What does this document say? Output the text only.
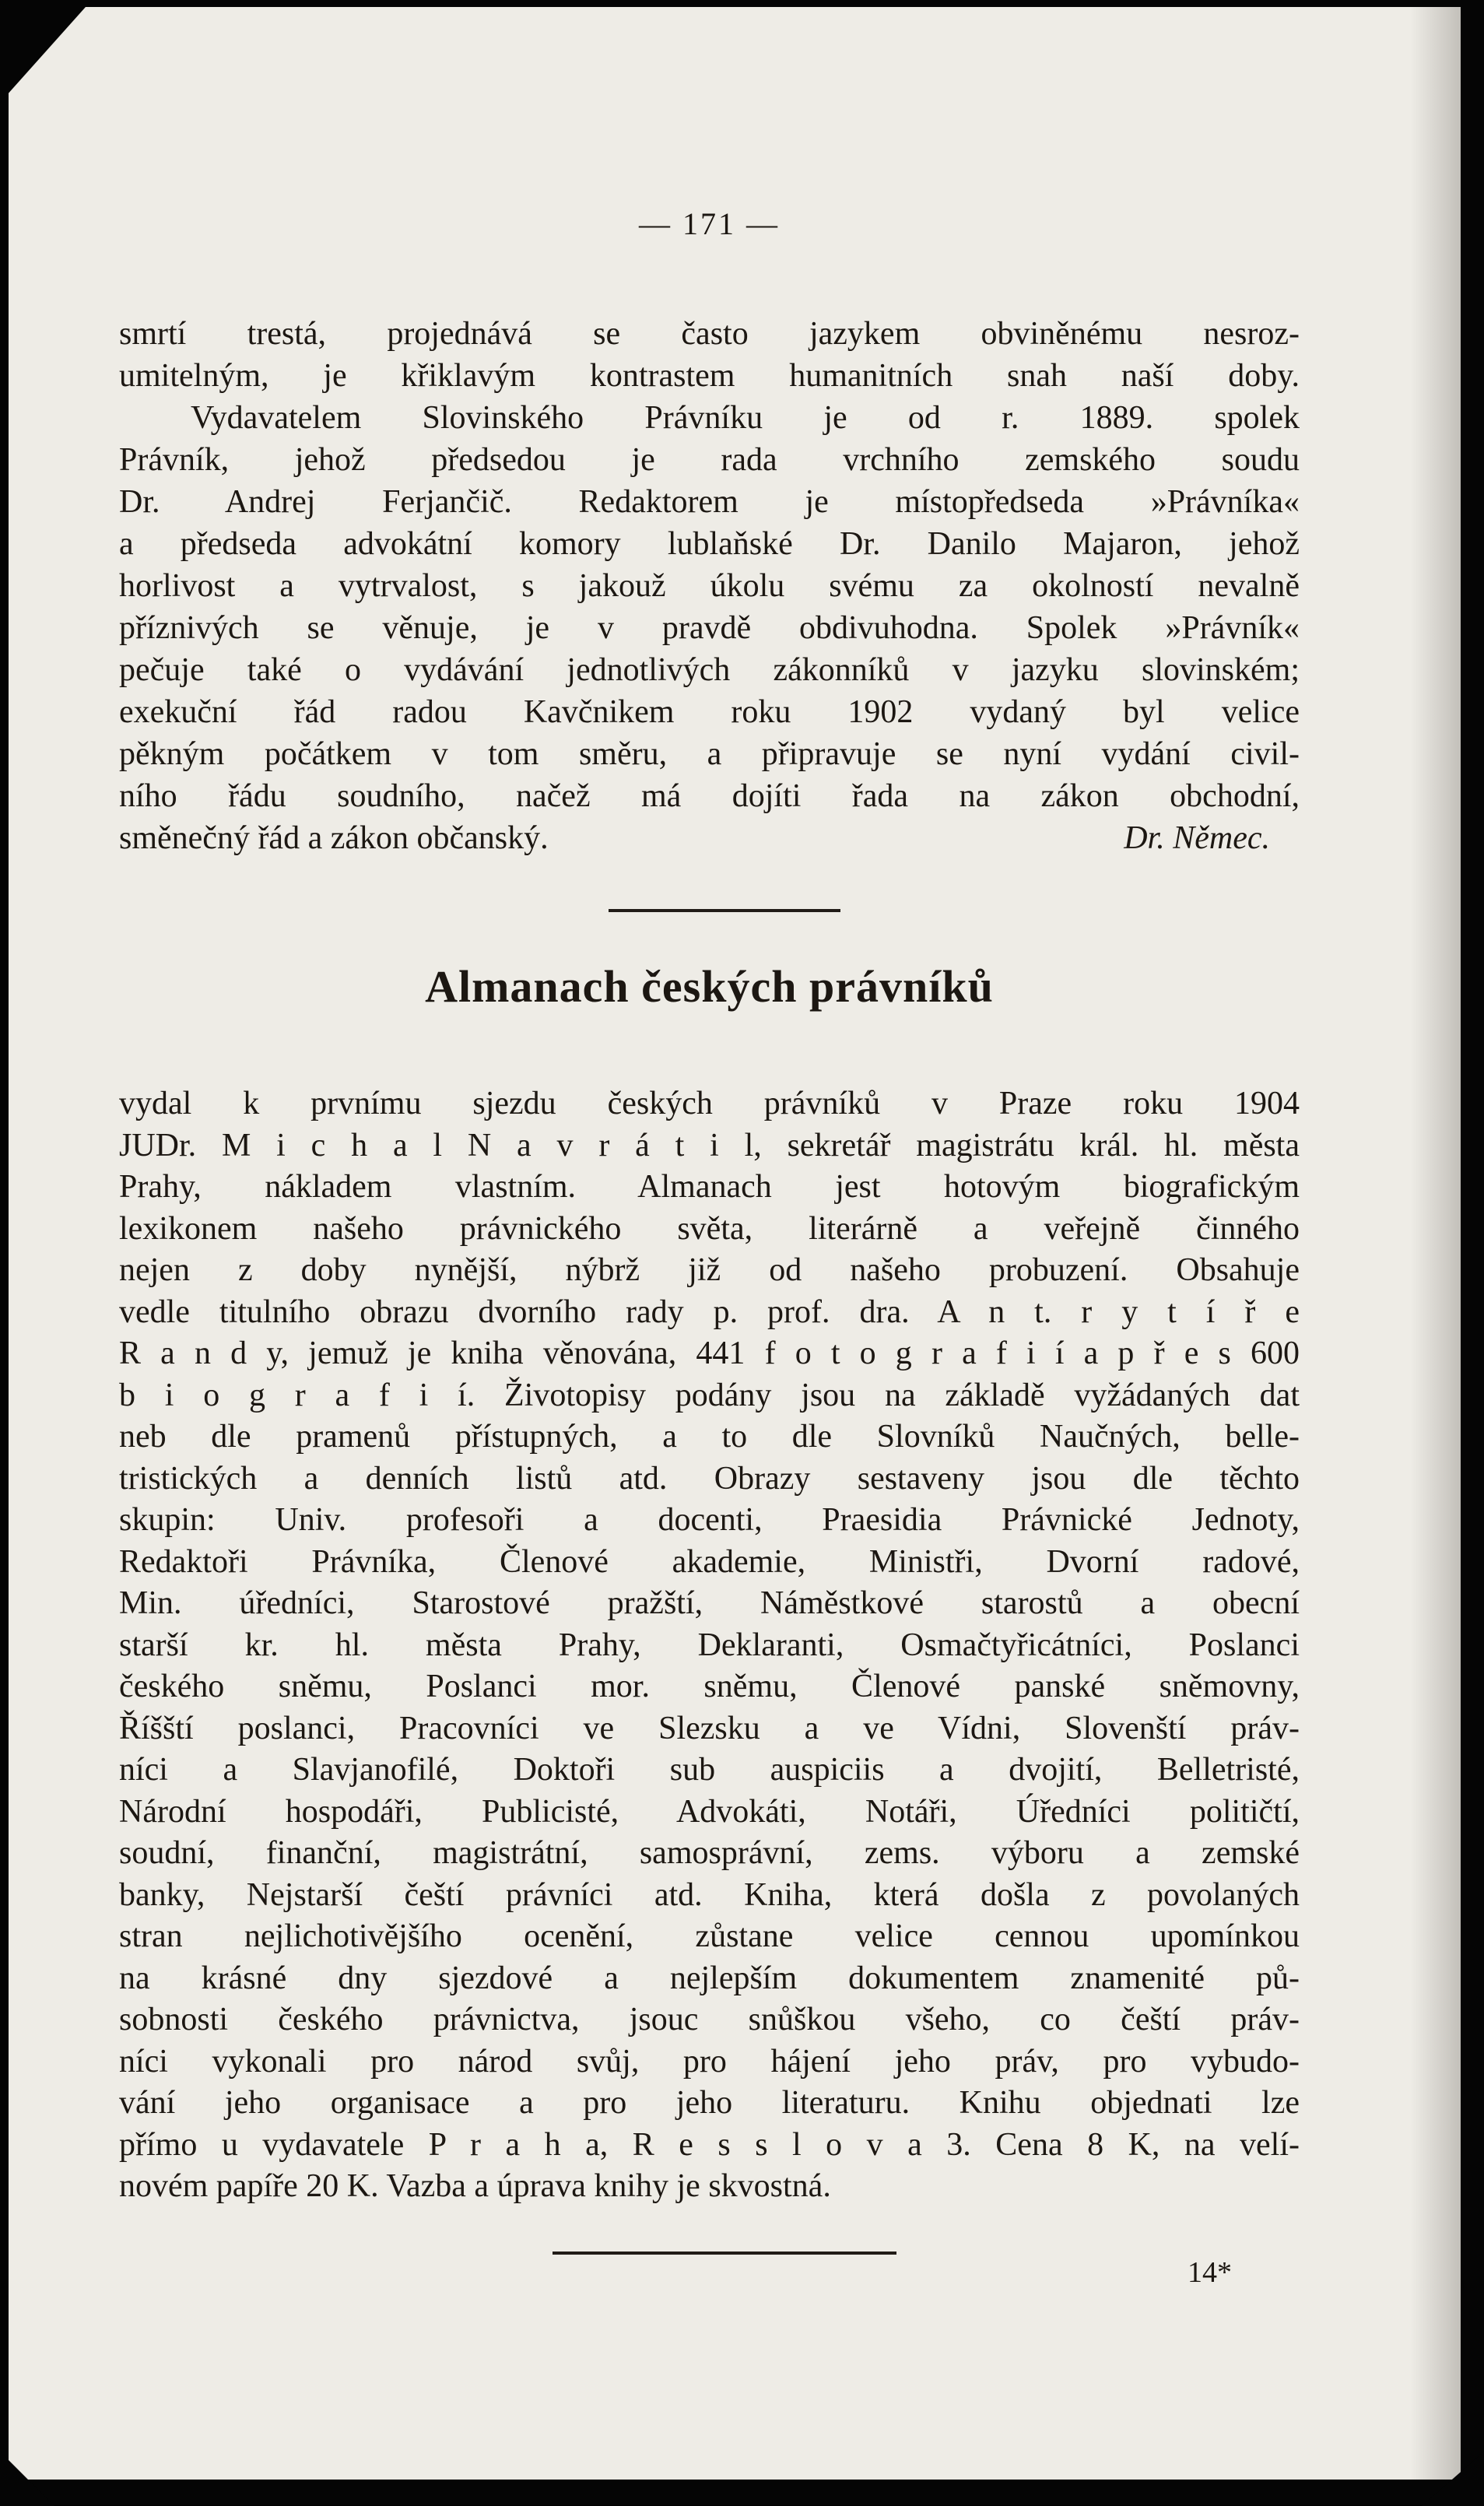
— 171 —
smrtí trestá, projednává se často jazykem obviněnému nesroz-
umitelným, je křiklavým kontrastem humanitních snah naší doby.
Vydavatelem Slovinského Právníku je od r. 1889. spolek
Právník, jehož předsedou je rada vrchního zemského soudu
Dr. Andrej Ferjančič. Redaktorem je místopředseda »Právníka«
a předseda advokátní komory lublaňské Dr. Danilo Majaron, jehož
horlivost a vytrvalost, s jakouž úkolu svému za okolností nevalně
příznivých se věnuje, je v pravdě obdivuhodna. Spolek »Právník«
pečuje také o vydávání jednotlivých zákonníků v jazyku slovinském;
exekuční řád radou Kavčnikem roku 1902 vydaný byl velice
pěkným počátkem v tom směru, a připravuje se nyní vydání civil-
ního řádu soudního, načež má dojíti řada na zákon obchodní,
směnečný řád a zákon občanský.	Dr. Němec.
Almanach českých právníků
vydal k prvnímu sjezdu českých právníků v Praze roku 1904
JUDr. M i c h a l N a v r á t i l, sekretář magistrátu král. hl. města
Prahy, nákladem vlastním. Almanach jest hotovým biografickým
lexikonem našeho právnického světa, literárně a veřejně činného
nejen z doby nynější, nýbrž již od našeho probuzení. Obsahuje
vedle titulního obrazu dvorního rady p. prof. dra. A n t. r y t í ř e
R a n d y, jemuž je kniha věnována, 441 f o t o g r a f i í a p ř e s 600
b i o g r a f i í. Životopisy podány jsou na základě vyžádaných dat
neb dle pramenů přístupných, a to dle Slovníků Naučných, belle-
tristických a denních listů atd. Obrazy sestaveny jsou dle těchto
skupin: Univ. profesoři a docenti, Praesidia Právnické Jednoty,
Redaktoři Právníka, Členové akademie, Ministři, Dvorní radové,
Min. úředníci, Starostové pražští, Náměstkové starostů a obecní
starší kr. hl. města Prahy, Deklaranti, Osmačtyřicátníci, Poslanci
českého sněmu, Poslanci mor. sněmu, Členové panské sněmovny,
Říšští poslanci, Pracovníci ve Slezsku a ve Vídni, Slovenští práv-
níci a Slavjanofilé, Doktoři sub auspiciis a dvojití, Belletristé,
Národní hospodáři, Publicisté, Advokáti, Notáři, Úředníci političtí,
soudní, finanční, magistrátní, samosprávní, zems. výboru a zemské
banky, Nejstarší čeští právníci atd. Kniha, která došla z povolaných
stran nejlichotivějšího ocenění, zůstane velice cennou upomínkou
na krásné dny sjezdové a nejlepším dokumentem znamenité pů-
sobnosti českého právnictva, jsouc snůškou všeho, co čeští práv-
níci vykonali pro národ svůj, pro hájení jeho práv, pro vybudo-
vání jeho organisace a pro jeho literaturu. Knihu objednati lze
přímo u vydavatele P r a h a, R e s s l o v a 3. Cena 8 K, na velí-
novém papíře 20 K. Vazba a úprava knihy je skvostná.
14*
